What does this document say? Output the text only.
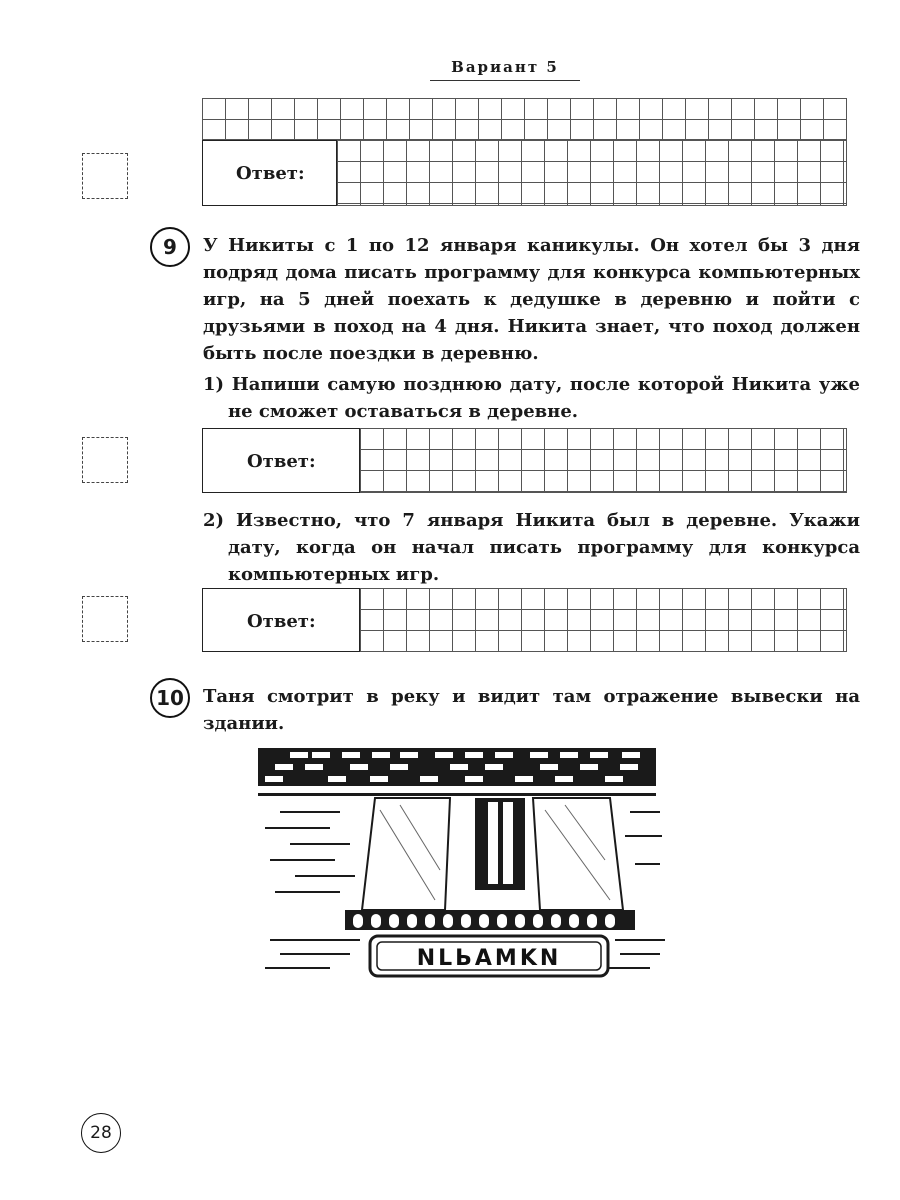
Вариант 5
Ответ:
9	У Никиты с 1 по 12 января каникулы. Он хотел бы 3 дня подряд дома писать программу для конкурса компьютерных игр, на 5 дней поехать к дедушке в деревню и пойти с друзьями в поход на 4 дня. Никита знает, что поход должен быть после поездки в деревню.
1) Напиши самую позднюю дату, после которой Никита уже не сможет оставаться в деревне.
Ответ:
2) Известно, что 7 января Никита был в деревне. Укажи дату, когда он начал писать программу для конкурса компьютерных игр.
Ответ:
10	Таня смотрит в реку и видит там отражение вывески на здании.
NLЬAMKN
28
